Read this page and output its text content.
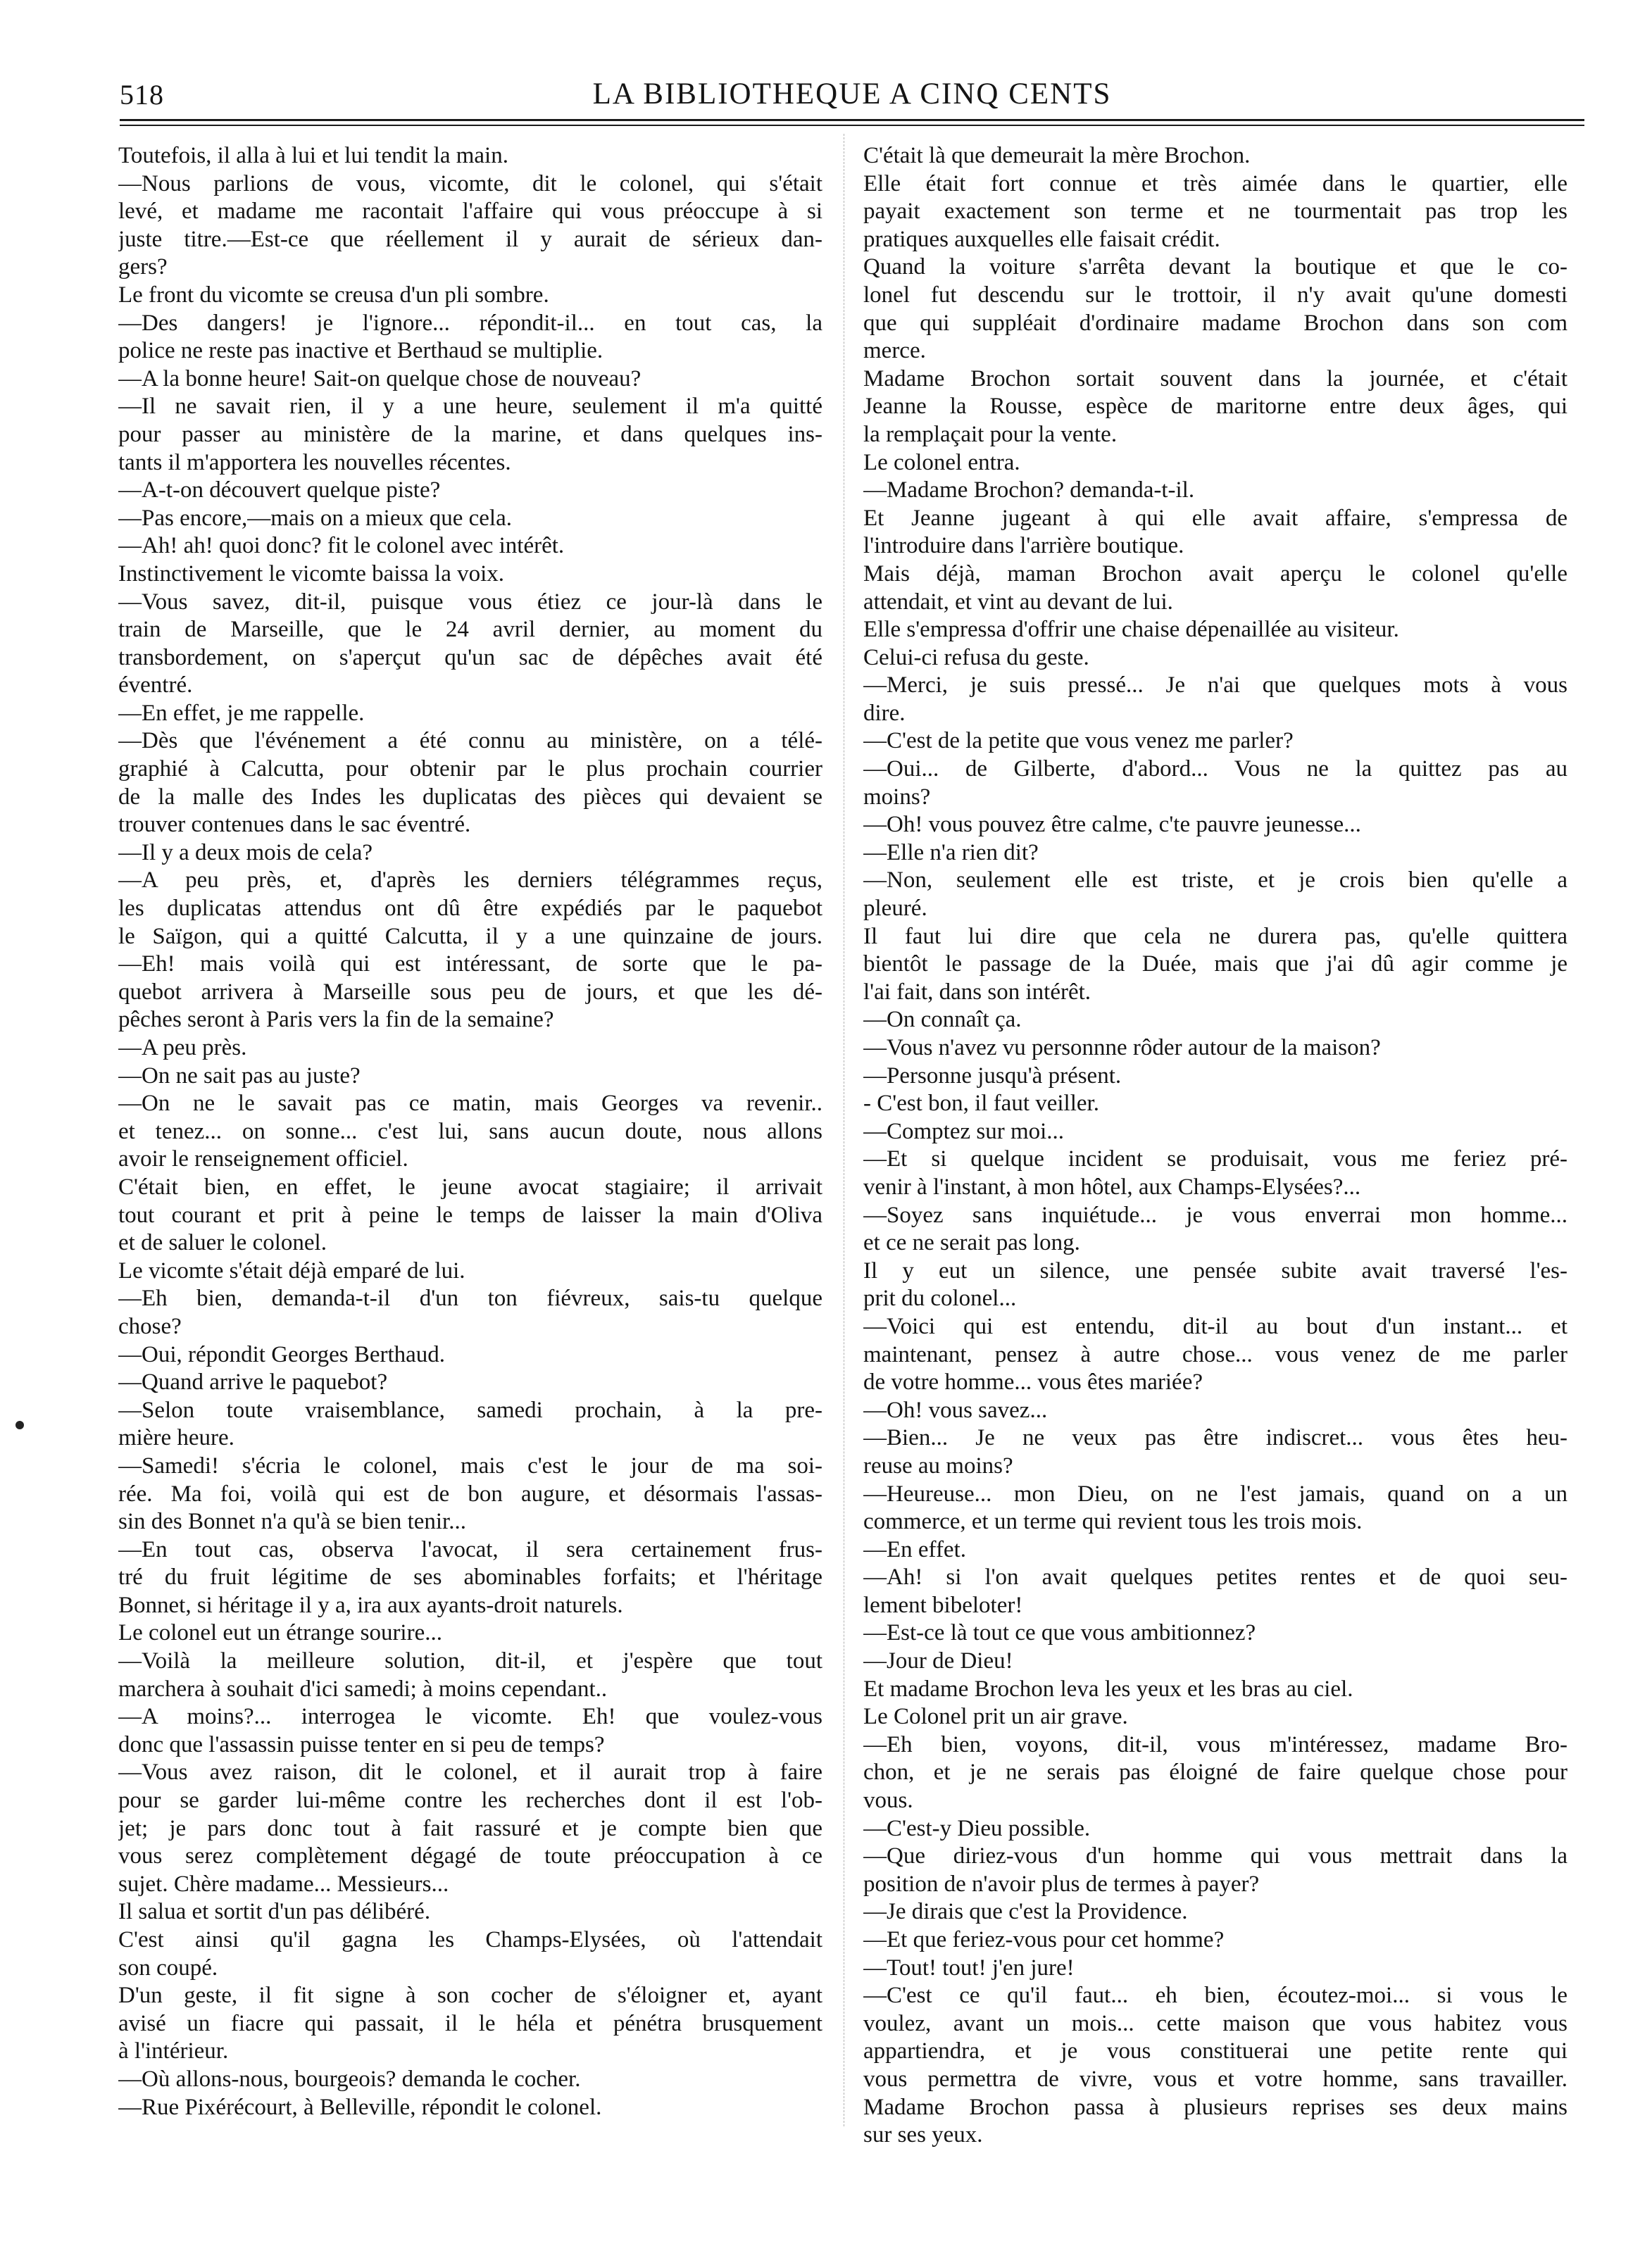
518	LA BIBLIOTHEQUE A CINQ CENTS
Toutefois, il alla à lui et lui tendit la main.
—Nous parlions de vous, vicomte, dit le colonel, qui s'était
levé, et madame me racontait l'affaire qui vous préoccupe à si
juste titre.—Est-ce que réellement il y aurait de sérieux dan-
gers?
Le front du vicomte se creusa d'un pli sombre.
—Des dangers! je l'ignore... répondit-il... en tout cas, la
police ne reste pas inactive et Berthaud se multiplie.
—A la bonne heure! Sait-on quelque chose de nouveau?
—Il ne savait rien, il y a une heure, seulement il m'a quitté
pour passer au ministère de la marine, et dans quelques ins-
tants il m'apportera les nouvelles récentes.
—A-t-on découvert quelque piste?
—Pas encore,—mais on a mieux que cela.
—Ah! ah! quoi donc? fit le colonel avec intérêt.
Instinctivement le vicomte baissa la voix.
—Vous savez, dit-il, puisque vous étiez ce jour-là dans le
train de Marseille, que le 24 avril dernier, au moment du
transbordement, on s'aperçut qu'un sac de dépêches avait été
éventré.
—En effet, je me rappelle.
—Dès que l'événement a été connu au ministère, on a télé-
graphié à Calcutta, pour obtenir par le plus prochain courrier
de la malle des Indes les duplicatas des pièces qui devaient se
trouver contenues dans le sac éventré.
—Il y a deux mois de cela?
—A peu près, et, d'après les derniers télégrammes reçus,
les duplicatas attendus ont dû être expédiés par le paquebot
le Saïgon, qui a quitté Calcutta, il y a une quinzaine de jours.
—Eh! mais voilà qui est intéressant, de sorte que le pa-
quebot arrivera à Marseille sous peu de jours, et que les dé-
pêches seront à Paris vers la fin de la semaine?
—A peu près.
—On ne sait pas au juste?
—On ne le savait pas ce matin, mais Georges va revenir..
et tenez... on sonne... c'est lui, sans aucun doute, nous allons
avoir le renseignement officiel.
C'était bien, en effet, le jeune avocat stagiaire; il arrivait
tout courant et prit à peine le temps de laisser la main d'Oliva
et de saluer le colonel.
Le vicomte s'était déjà emparé de lui.
—Eh bien, demanda-t-il d'un ton fiévreux, sais-tu quelque
chose?
—Oui, répondit Georges Berthaud.
—Quand arrive le paquebot?
—Selon toute vraisemblance, samedi prochain, à la pre-
mière heure.
—Samedi! s'écria le colonel, mais c'est le jour de ma soi-
rée. Ma foi, voilà qui est de bon augure, et désormais l'assas-
sin des Bonnet n'a qu'à se bien tenir...
—En tout cas, observa l'avocat, il sera certainement frus-
tré du fruit légitime de ses abominables forfaits; et l'héritage
Bonnet, si héritage il y a, ira aux ayants-droit naturels.
Le colonel eut un étrange sourire...
—Voilà la meilleure solution, dit-il, et j'espère que tout
marchera à souhait d'ici samedi; à moins cependant..
—A moins?... interrogea le vicomte. Eh! que voulez-vous
donc que l'assassin puisse tenter en si peu de temps?
—Vous avez raison, dit le colonel, et il aurait trop à faire
pour se garder lui-même contre les recherches dont il est l'ob-
jet; je pars donc tout à fait rassuré et je compte bien que
vous serez complètement dégagé de toute préoccupation à ce
sujet. Chère madame... Messieurs...
Il salua et sortit d'un pas délibéré.
C'est ainsi qu'il gagna les Champs-Elysées, où l'attendait
son coupé.
D'un geste, il fit signe à son cocher de s'éloigner et, ayant
avisé un fiacre qui passait, il le héla et pénétra brusquement
à l'intérieur.
—Où allons-nous, bourgeois? demanda le cocher.
—Rue Pixérécourt, à Belleville, répondit le colonel.
C'était là que demeurait la mère Brochon.
Elle était fort connue et très aimée dans le quartier, elle
payait exactement son terme et ne tourmentait pas trop les
pratiques auxquelles elle faisait crédit.
Quand la voiture s'arrêta devant la boutique et que le co-
lonel fut descendu sur le trottoir, il n'y avait qu'une domesti
que qui suppléait d'ordinaire madame Brochon dans son com
merce.
Madame Brochon sortait souvent dans la journée, et c'était
Jeanne la Rousse, espèce de maritorne entre deux âges, qui
la remplaçait pour la vente.
Le colonel entra.
—Madame Brochon? demanda-t-il.
Et Jeanne jugeant à qui elle avait affaire, s'empressa de
l'introduire dans l'arrière boutique.
Mais déjà, maman Brochon avait aperçu le colonel qu'elle
attendait, et vint au devant de lui.
Elle s'empressa d'offrir une chaise dépenaillée au visiteur.
Celui-ci refusa du geste.
—Merci, je suis pressé... Je n'ai que quelques mots à vous
dire.
—C'est de la petite que vous venez me parler?
—Oui... de Gilberte, d'abord... Vous ne la quittez pas au
moins?
—Oh! vous pouvez être calme, c'te pauvre jeunesse...
—Elle n'a rien dit?
—Non, seulement elle est triste, et je crois bien qu'elle a
pleuré.
Il faut lui dire que cela ne durera pas, qu'elle quittera
bientôt le passage de la Duée, mais que j'ai dû agir comme je
l'ai fait, dans son intérêt.
—On connaît ça.
—Vous n'avez vu personnne rôder autour de la maison?
—Personne jusqu'à présent.
- C'est bon, il faut veiller.
—Comptez sur moi...
—Et si quelque incident se produisait, vous me feriez pré-
venir à l'instant, à mon hôtel, aux Champs-Elysées?...
—Soyez sans inquiétude... je vous enverrai mon homme...
et ce ne serait pas long.
Il y eut un silence, une pensée subite avait traversé l'es-
prit du colonel...
—Voici qui est entendu, dit-il au bout d'un instant... et
maintenant, pensez à autre chose... vous venez de me parler
de votre homme... vous êtes mariée?
—Oh! vous savez...
—Bien... Je ne veux pas être indiscret... vous êtes heu-
reuse au moins?
—Heureuse... mon Dieu, on ne l'est jamais, quand on a un
commerce, et un terme qui revient tous les trois mois.
—En effet.
—Ah! si l'on avait quelques petites rentes et de quoi seu-
lement bibeloter!
—Est-ce là tout ce que vous ambitionnez?
—Jour de Dieu!
Et madame Brochon leva les yeux et les bras au ciel.
Le Colonel prit un air grave.
—Eh bien, voyons, dit-il, vous m'intéressez, madame Bro-
chon, et je ne serais pas éloigné de faire quelque chose pour
vous.
—C'est-y Dieu possible.
—Que diriez-vous d'un homme qui vous mettrait dans la
position de n'avoir plus de termes à payer?
—Je dirais que c'est la Providence.
—Et que feriez-vous pour cet homme?
—Tout! tout! j'en jure!
—C'est ce qu'il faut... eh bien, écoutez-moi... si vous le
voulez, avant un mois... cette maison que vous habitez vous
appartiendra, et je vous constituerai une petite rente qui
vous permettra de vivre, vous et votre homme, sans travailler.
Madame Brochon passa à plusieurs reprises ses deux mains
sur ses yeux.
